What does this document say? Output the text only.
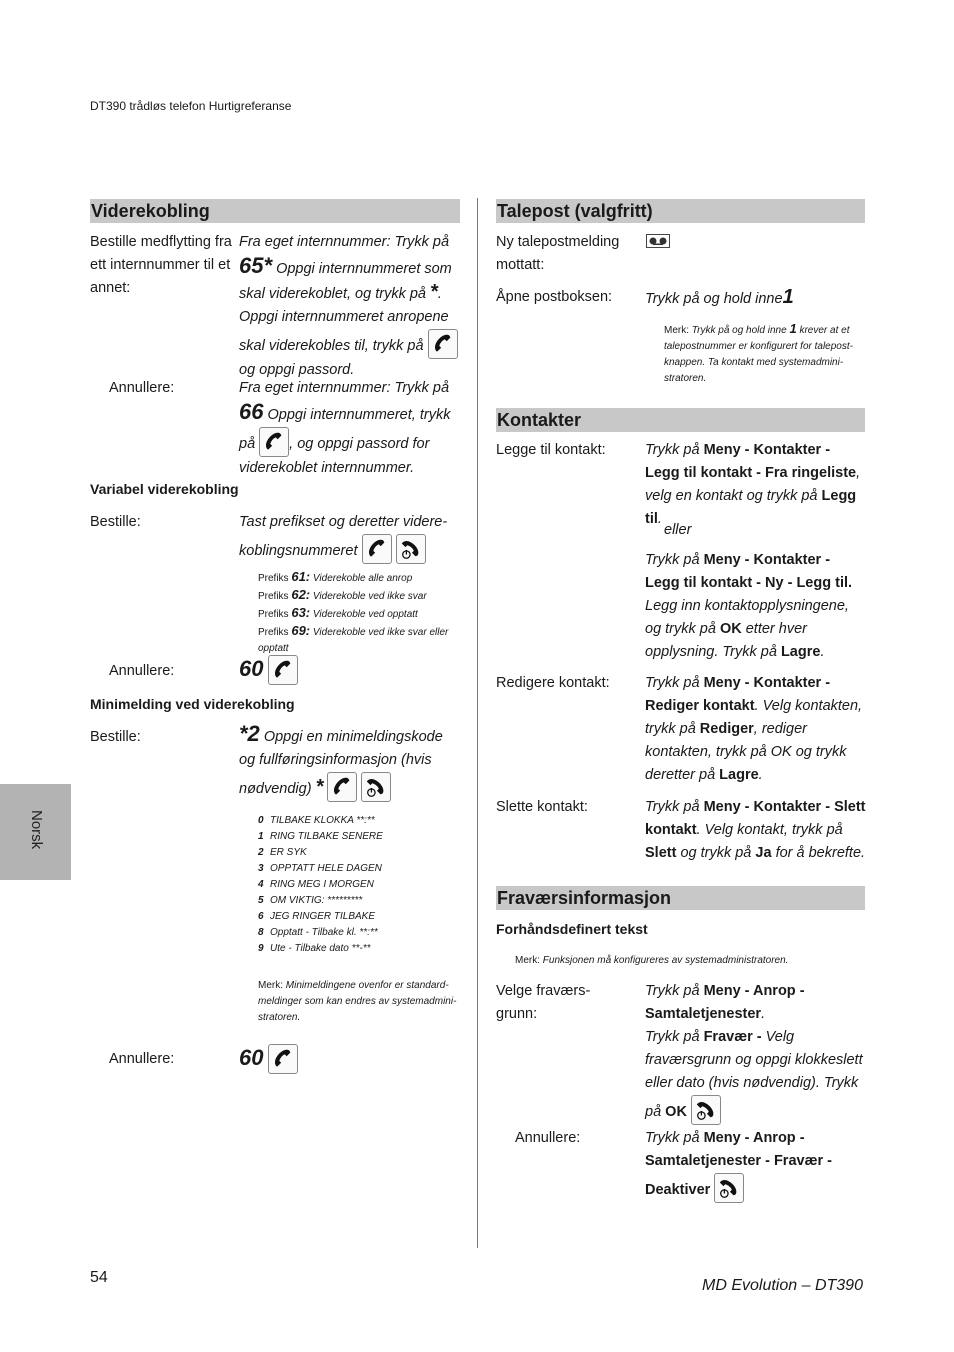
DT390 trådløs telefon Hurtigreferanse
Viderekobling
Bestille medflytting fra ett internnummer til et annet:
Fra eget internnummer: Trykk på
65* Oppgi internnummeret som skal viderekoblet, og trykk på *. Oppgi internnummeret anropene skal viderekobles til, trykk på
og oppgi passord.
Annullere:	Fra eget internnummer: Trykk på
66 Oppgi internnummeret, trykk på , og oppgi passord for viderekoblet internnummer.
Variabel viderekobling
Bestille:	Tast prefikset og deretter viderekoblingsnummeret

Prefiks 61: Viderekoble alle anrop
Prefiks 62: Viderekoble ved ikke svar
Prefiks 63: Viderekoble ved opptatt
Prefiks 69: Viderekoble ved ikke svar eller opptatt
Annullere:	60
Minimelding ved viderekobling
Bestille:	*2 Oppgi en minimeldingskode og fullføringsinformasjon (hvis nødvendig) *

0 TILBAKE KLOKKA **:**
1 RING TILBAKE SENERE
2 ER SYK
3 OPPTATT HELE DAGEN
4 RING MEG I MORGEN
5 OM VIKTIG: *********
6 JEG RINGER TILBAKE
8 Opptatt - Tilbake kl. **:**
9 Ute - Tilbake dato **-**
Merk: Minimeldingene ovenfor er standardmeldinger som kan endres av systemadministratoren.
Annullere:	60
Talepost (valgfritt)
Ny talepostmelding mottatt:
Åpne postboksen: Trykk på og hold inne1
Merk: Trykk på og hold inne 1 krever at et talepostnummer er konfigurert for talepostknappen. Ta kontakt med systemadministratoren.
Kontakter
Legge til kontakt:	Trykk på Meny - Kontakter - Legg til kontakt - Fra ringeliste, velg en kontakt og trykk på Legg til.
eller
Trykk på Meny - Kontakter - Legg til kontakt - Ny - Legg til. Legg inn kontaktopplysningene, og trykk på OK etter hver opplysning. Trykk på Lagre.
Redigere kontakt: Trykk på Meny - Kontakter - Rediger kontakt. Velg kontakten, trykk på Rediger, rediger kontakten, trykk på OK og trykk deretter på Lagre.
Slette kontakt:	Trykk på Meny - Kontakter - Slett kontakt. Velg kontakt, trykk på Slett og trykk på Ja for å bekrefte.
Fraværsinformasjon
Forhåndsdefinert tekst
Merk: Funksjonen må konfigureres av systemadministratoren.
Velge fraværsgrunn:
Trykk på Meny - Anrop - Samtaletjenester.
Trykk på Fravær - Velg fraværsgrunn og oppgi klokkeslett eller dato (hvis nødvendig). Trykk på OK
Annullere:	Trykk på Meny - Anrop - Samtaletjenester - Fravær - Deaktiver
Norsk
54	MD Evolution – DT390
